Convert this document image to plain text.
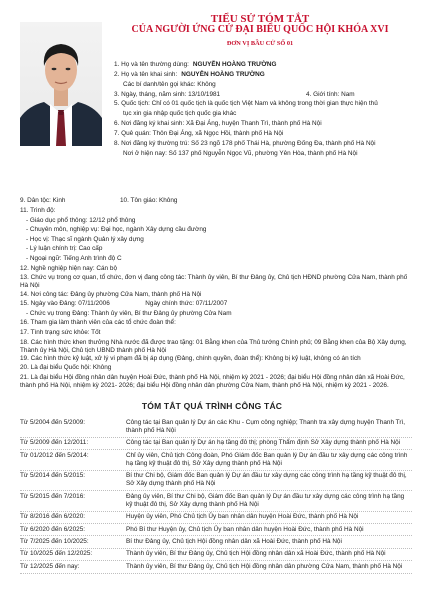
TIỂU SỬ TÓM TẮT
CỦA NGƯỜI ỨNG CỬ ĐẠI BIỂU QUỐC HỘI KHÓA XVI
ĐƠN VỊ BẦU CỬ SỐ 01
1. Họ và tên thường dùng: NGUYỄN HOÀNG TRƯỜNG
2. Họ và tên khai sinh: NGUYỄN HOÀNG TRƯỜNG
Các bí danh/tên gọi khác: Không
3. Ngày, tháng, năm sinh: 13/10/1981	4. Giới tính: Nam
5. Quốc tịch: Chỉ có 01 quốc tịch là quốc tịch Việt Nam và không trong thời gian thực hiện thủ
tục xin gia nhập quốc tịch quốc gia khác
6. Nơi đăng ký khai sinh: Xã Đại Áng, huyện Thanh Trì, thành phố Hà Nội
7. Quê quán: Thôn Đại Áng, xã Ngọc Hồi, thành phố Hà Nội
8. Nơi đăng ký thường trú: Số 23 ngõ 178 phố Thái Hà, phường Đống Đa, thành phố Hà Nội
Nơi ở hiện nay: Số 137 phố Nguyễn Ngọc Vũ, phường Yên Hòa, thành phố Hà Nội
9. Dân tộc: Kinh	10. Tôn giáo: Không
11. Trình độ:
- Giáo dục phổ thông: 12/12 phổ thông
- Chuyên môn, nghiệp vụ: Đại học, ngành Xây dựng cầu đường
- Học vị: Thạc sĩ ngành Quản lý xây dựng
- Lý luận chính trị: Cao cấp
- Ngoại ngữ: Tiếng Anh trình độ C
12. Nghề nghiệp hiện nay: Cán bộ
13. Chức vụ trong cơ quan, tổ chức, đơn vị đang công tác: Thành ủy viên, Bí thư Đảng ủy, Chủ tịch HĐND phường Cửa Nam, thành phố Hà Nội
14. Nơi công tác: Đảng ủy phường Cửa Nam, thành phố Hà Nội
15. Ngày vào Đảng: 07/11/2006                    Ngày chính thức: 07/11/2007
- Chức vụ trong Đảng: Thành ủy viên, Bí thư Đảng ủy phường Cửa Nam
16. Tham gia làm thành viên của các tổ chức đoàn thể:
17. Tình trạng sức khỏe: Tốt
18. Các hình thức khen thưởng Nhà nước đã được trao tặng: 01 Bằng khen của Thủ tướng Chính phủ; 09 Bằng khen của Bộ Xây dựng, Thành ủy Hà Nội, Chủ tịch UBND thành phố Hà Nội
19. Các hình thức kỷ luật, xử lý vi phạm đã bị áp dụng (Đảng, chính quyền, đoàn thể): Không bị kỷ luật, không có án tích
20. Là đại biểu Quốc hội: Không
21. Là đại biểu Hội đồng nhân dân huyện Hoài Đức, thành phố Hà Nội, nhiệm kỳ 2021 - 2026; đại biểu Hội đồng nhân dân xã Hoài Đức, thành phố Hà Nội, nhiệm kỳ 2021- 2026; đại biểu Hội đồng nhân dân phường Cửa Nam, thành phố Hà Nội, nhiệm kỳ 2021 - 2026.
TÓM TẮT QUÁ TRÌNH CÔNG TÁC
Từ 5/2004 đến 5/2009:	Công tác tại Ban quản lý Dự án các Khu - Cụm công nghiệp; Thanh tra xây dựng huyện Thanh Trì, thành phố Hà Nội
Từ 5/2009 đến 12/2011:	Công tác tại Ban quản lý Dự án hạ tầng đô thị; phòng Thẩm định Sở Xây dựng thành phố Hà Nội
Từ 01/2012 đến 5/2014:	Chỉ ủy viên, Chủ tịch Công đoàn, Phó Giám đốc Ban quản lý Dự án đầu tư xây dựng các công trình hạ tầng kỹ thuật đô thị, Sở Xây dựng thành phố Hà Nội
Từ 5/2014 đến 5/2015:	Bí thư Chi bộ, Giám đốc Ban quản lý Dự án đầu tư xây dựng các công trình hạ tầng kỹ thuật đô thị, Sở Xây dựng thành phố Hà Nội
Từ 5/2015 đến 7/2016:	Đảng ủy viên, Bí thư Chi bộ, Giám đốc Ban quản lý Dự án đầu tư xây dựng các công trình hạ tầng kỹ thuật đô thị, Sở Xây dựng thành phố Hà Nội
Từ 8/2016 đến 6/2020:	Huyện ủy viên, Phó Chủ tịch Ủy ban nhân dân huyện Hoài Đức, thành phố Hà Nội
Từ 6/2020 đến 6/2025:	Phó Bí thư Huyện ủy, Chủ tịch Ủy ban nhân dân huyện Hoài Đức, thành phố Hà Nội
Từ 7/2025 đến 10/2025:	Bí thư Đảng ủy, Chủ tịch Hội đồng nhân dân xã Hoài Đức, thành phố Hà Nội
Từ 10/2025 đến 12/2025:	Thành ủy viên, Bí thư Đảng ủy, Chủ tịch Hội đồng nhân dân xã Hoài Đức, thành phố Hà Nội
Từ 12/2025 đến nay:	Thành ủy viên, Bí thư Đảng ủy, Chủ tịch Hội đồng nhân dân phường Cửa Nam, thành phố Hà Nội
